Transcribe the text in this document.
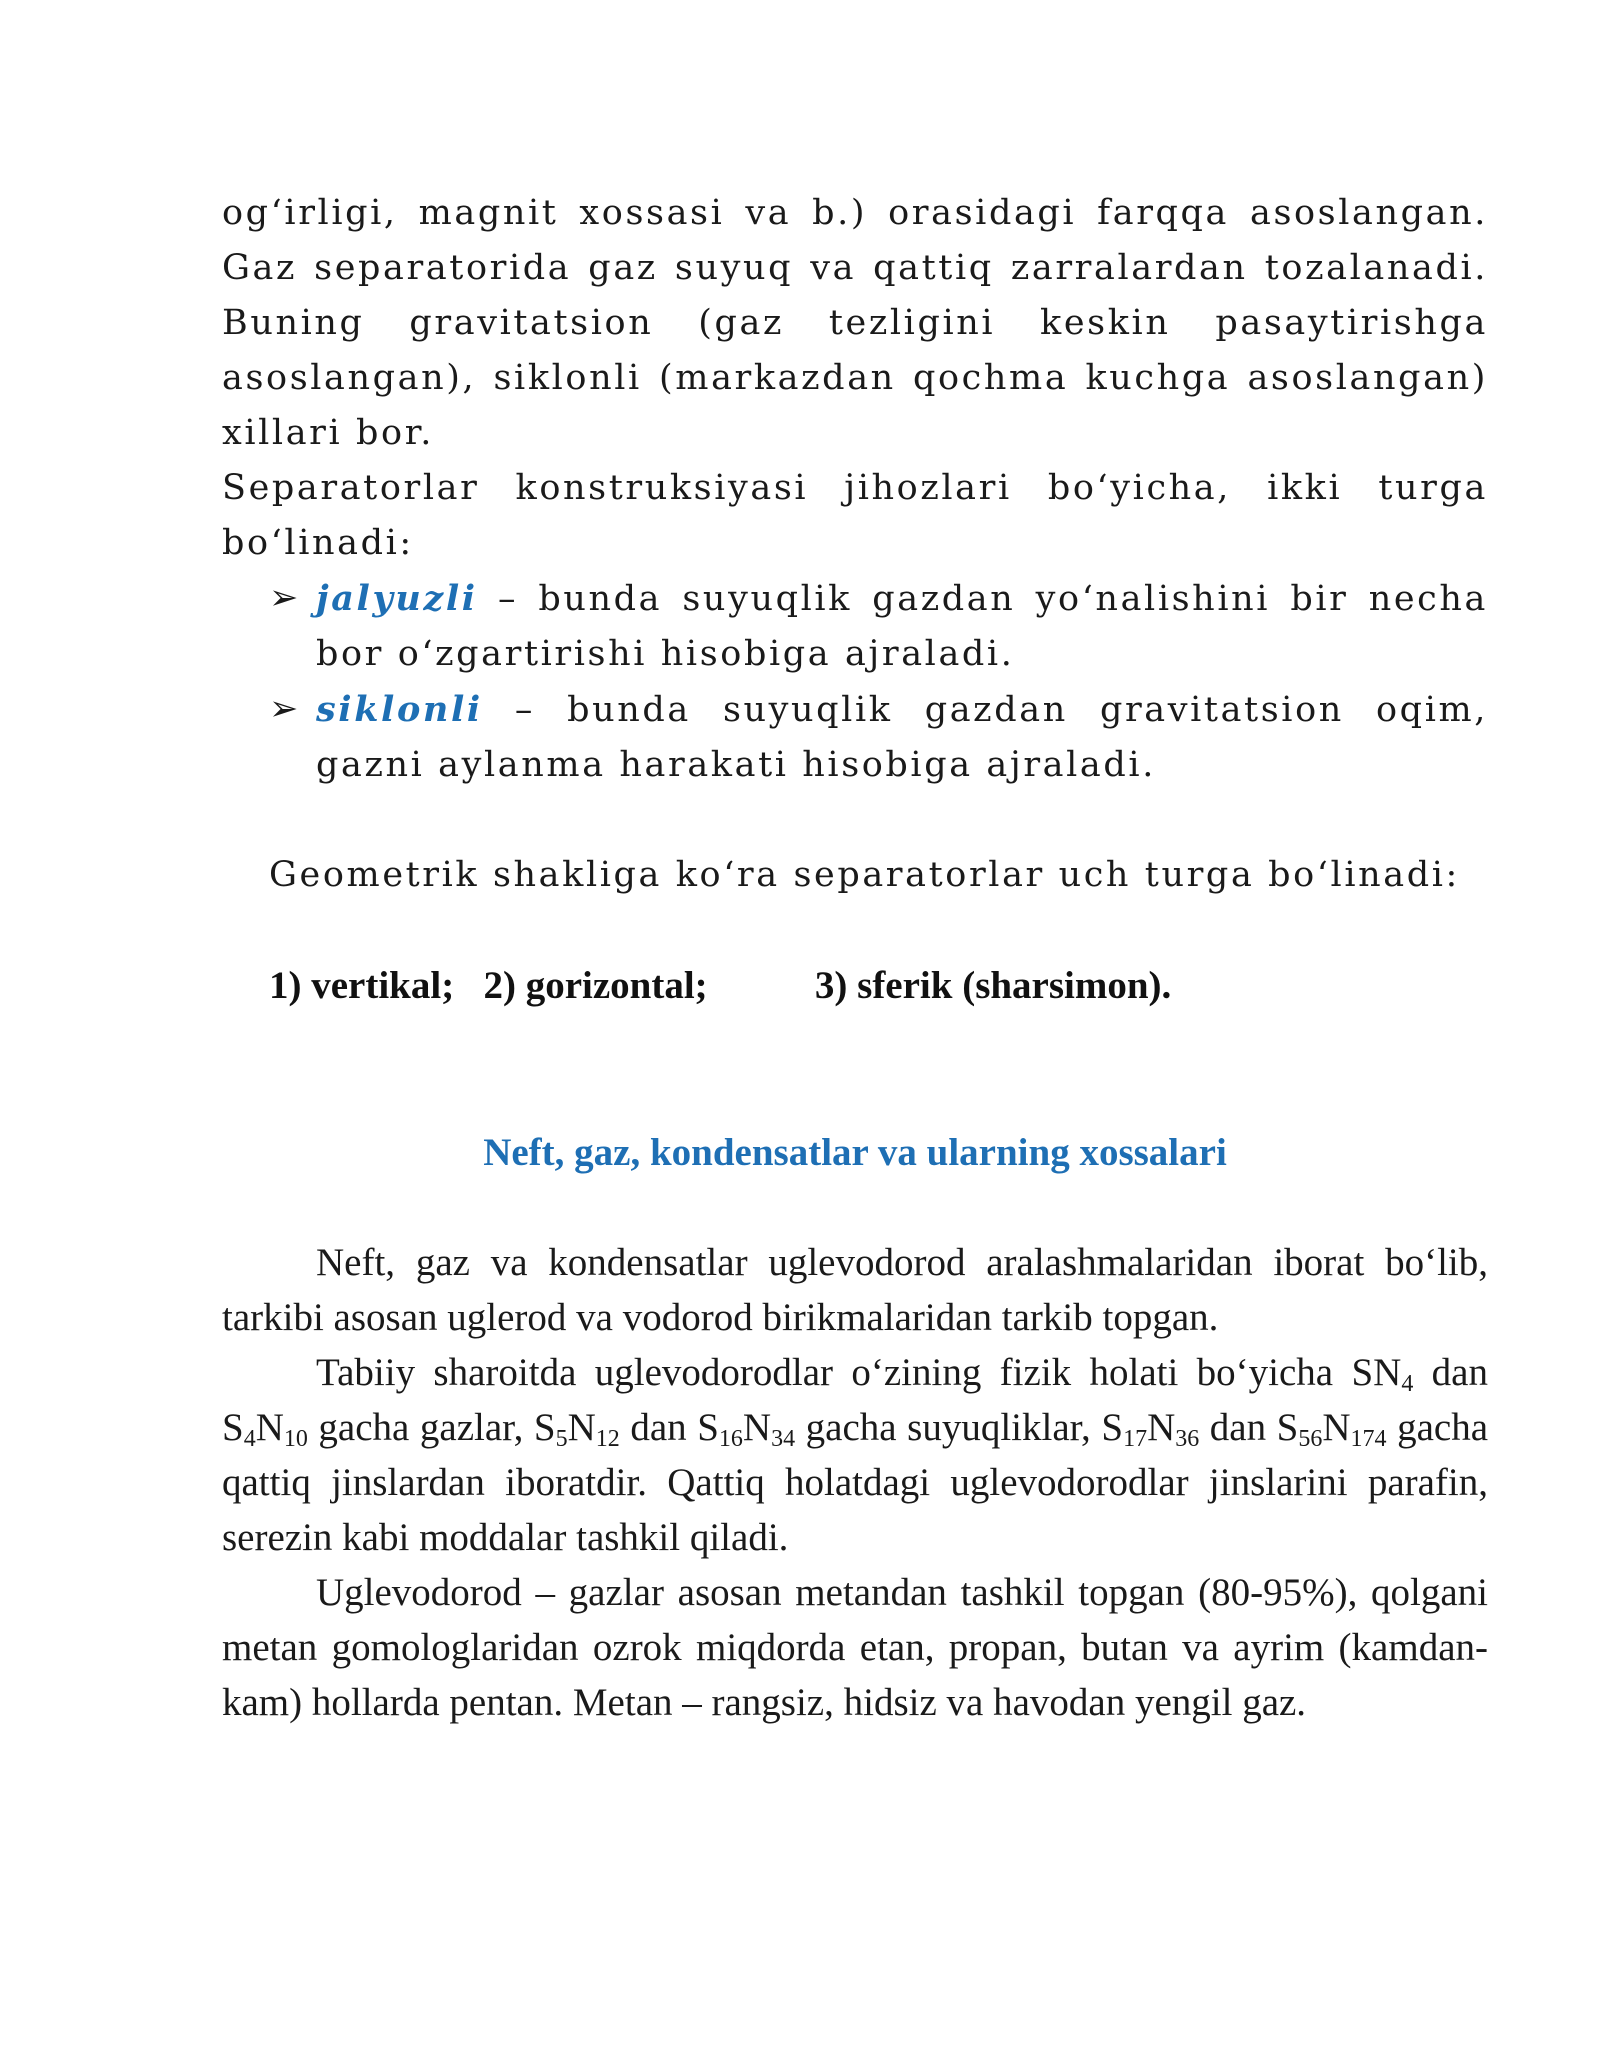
og‘irligi, magnit xossasi va b.) orasidagi farqqa asoslangan. Gaz separatorida gaz suyuq va qattiq zarralardan tozalanadi. Buning gravitatsion (gaz tezligini keskin pasaytirishga asoslangan), siklonli (markazdan qochma kuchga asoslangan) xillari bor.

Separatorlar konstruksiyasi jihozlari bo‘yicha, ikki turga bo‘linadi:

➢ jalyuzli – bunda suyuqlik gazdan yo‘nalishini bir necha bor o‘zgartirishi hisobiga ajraladi.

➢ siklonli – bunda suyuqlik gazdan gravitatsion oqim, gazni aylanma harakati hisobiga ajraladi.

Geometrik shakliga ko‘ra separatorlar uch turga bo‘linadi:

1) vertikal; 2) gorizontal;	3) sferik (sharsimon).
Neft, gaz, kondensatlar va ularning xossalari

Neft, gaz va kondensatlar uglevodorod aralashmalaridan iborat bo‘lib, tarkibi asosan uglerod va vodorod birikmalaridan tarkib topgan.

Tabiiy sharoitda uglevodorodlar o‘zining fizik holati bo‘yicha $SN_4$ dan $S_4N_{10}$ gacha gazlar, $S_5N_{12}$ dan $S_{16}N_{34}$ gacha suyuqliklar, $S_{17}N_{36}$ dan $S_{56}N_{174}$ gacha qattiq jinslardan iboratdir. Qattiq holatdagi uglevodorodlar jinslarini parafin, serezin kabi moddalar tashkil qiladi.

Uglevodorod – gazlar asosan metandan tashkil topgan (80-95%), qolgani metan gomologlaridan ozrok miqdorda etan, propan, butan va ayrim (kamdan-kam) hollarda pentan. Metan – rangsiz, hidsiz va havodan yengil gaz.
